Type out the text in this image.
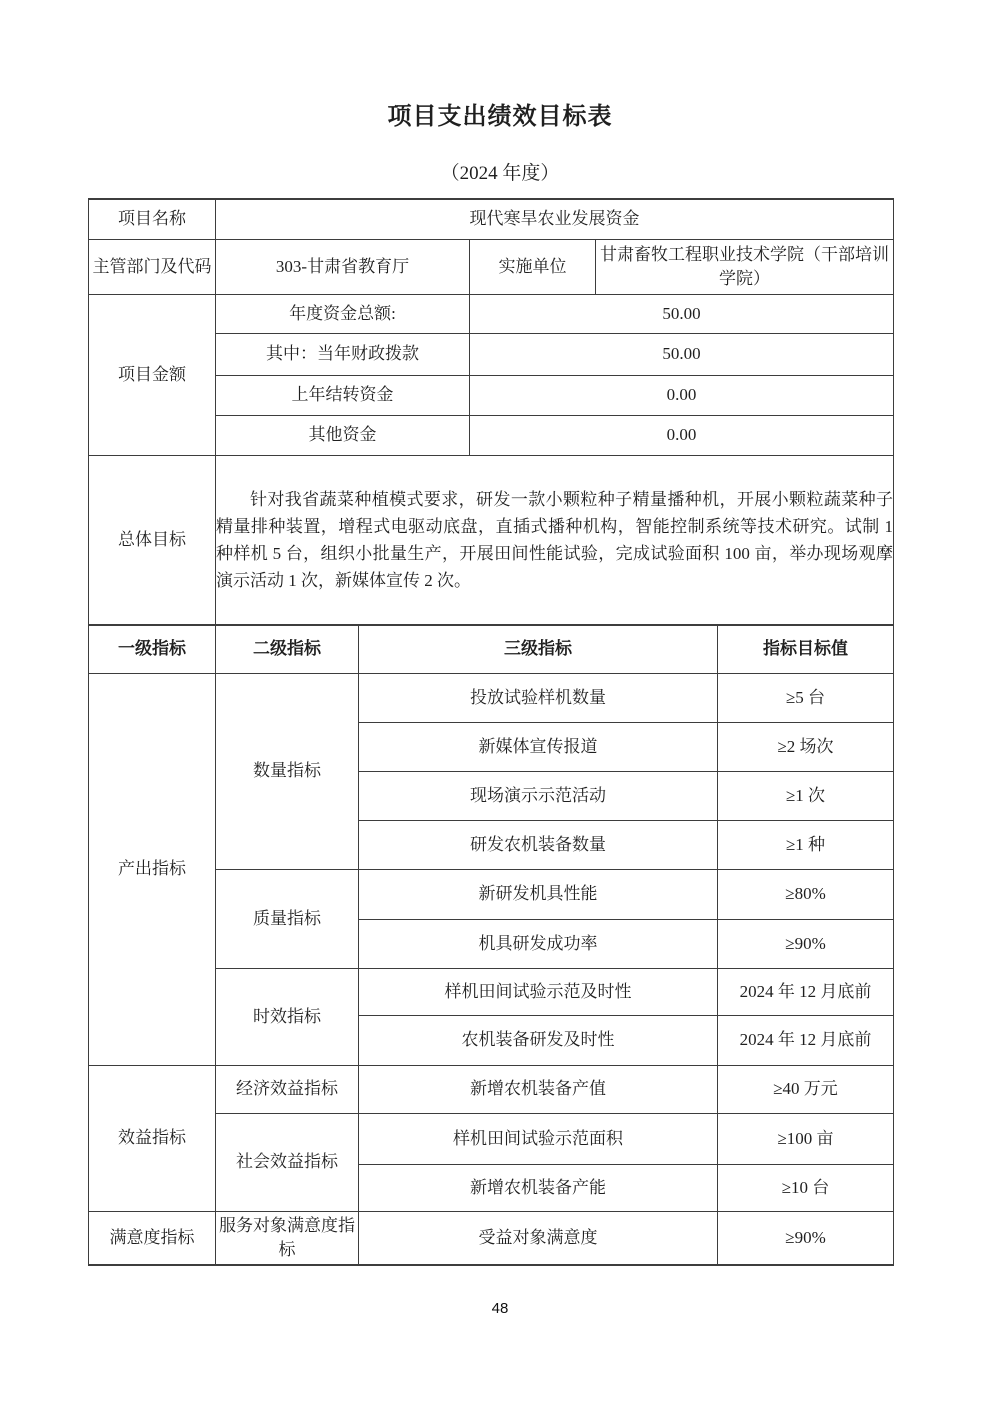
项目支出绩效目标表
（2024 年度）
项目名称	现代寒旱农业发展资金		
主管部门及代码	303-甘肃省教育厅	实施单位	甘肃畜牧工程职业技术学院（干部培训学院）
项目金额	年度资金总额:	50.00	
	其中：当年财政拨款	50.00	
	上年结转资金	0.00	
	其他资金	0.00	
总体目标	针对我省蔬菜种植模式要求，研发一款小颗粒种子精量播种机，开展小颗粒蔬菜种子精量排种装置，增程式电驱动底盘，直插式播种机构，智能控制系统等技术研究。试制 1 种样机 5 台，组织小批量生产，开展田间性能试验，完成试验面积 100 亩，举办现场观摩演示活动 1 次，新媒体宣传 2 次。		

一级指标	二级指标	三级指标	指标目标值
产出指标	数量指标	投放试验样机数量	≥5 台
		新媒体宣传报道	≥2 场次
		现场演示示范活动	≥1 次
		研发农机装备数量	≥1 种
	质量指标	新研发机具性能	≥80%
		机具研发成功率	≥90%
	时效指标	样机田间试验示范及时性	2024 年 12 月底前
		农机装备研发及时性	2024 年 12 月底前
效益指标	经济效益指标	新增农机装备产值	≥40 万元
	社会效益指标	样机田间试验示范面积	≥100 亩
		新增农机装备产能	≥10 台
满意度指标	服务对象满意度指标	受益对象满意度	≥90%
48
